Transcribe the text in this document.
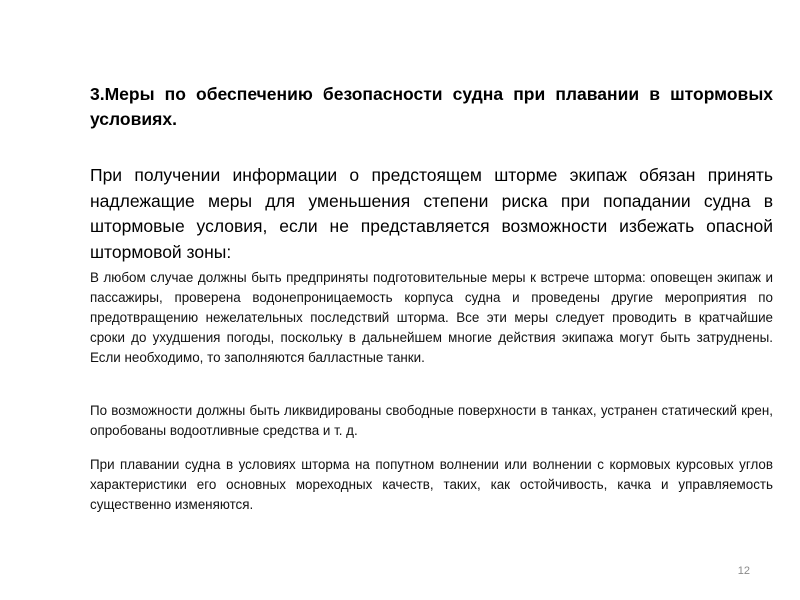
3.Меры по обеспечению безопасности судна при плавании в штормовых условиях.

При получении информации о предстоящем шторме экипаж обязан принять надлежащие меры для уменьшения степени риска при попадании судна в штормовые условия, если не представляется возможности избежать опасной штормовой зоны:

В любом случае должны быть предприняты подготовительные меры к встрече шторма: оповещен экипаж и пассажиры, проверена водонепроницаемость корпуса судна и проведены другие мероприятия по предотвращению нежелательных последствий шторма. Все эти меры следует проводить в кратчайшие сроки до ухудшения погоды, поскольку в дальнейшем многие действия экипажа могут быть затруднены. Если необходимо, то заполняются балластные танки.

По возможности должны быть ликвидированы свободные поверхности в танках, устранен статический крен, опробованы водоотливные средства и т. д.

При плавании судна в условиях шторма на попутном волнении или волнении с кормовых курсовых углов характеристики его основных мореходных качеств, таких, как остойчивость, качка и управляемость существенно изменяются.

12
